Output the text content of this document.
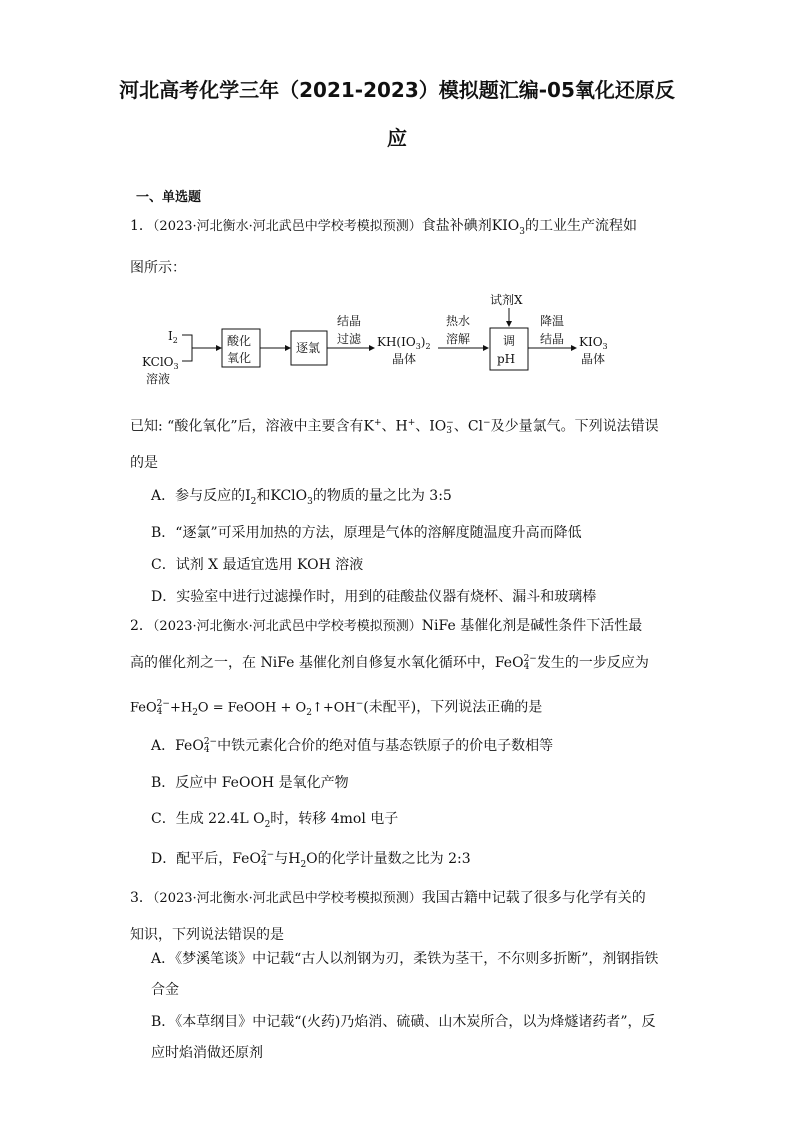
河北高考化学三年（2021-2023）模拟题汇编-05氧化还原反
应
一、单选题
1．（2023·河北衡水·河北武邑中学校考模拟预测）食盐补碘剂$KIO_3$的工业生产流程如
图所示：
$I_2$
KClO$_3$
溶液
酸化
氧化
逐氯
结晶
过滤 $KH(IO_3)_2$
晶体
热水
溶解
试剂X
调
pH
降温
结晶 $KIO_3$
晶体
已知: “酸化氧化”后，溶液中主要含有K+、H+、IO−
3 、Cl−及少量氯气。下列说法错误
的是
A．参与反应的$I_2$和KClO$_3$的物质的量之比为 3:5
B．“逐氯”可采用加热的方法，原理是气体的溶解度随温度升高而降低
C．试剂 X 最适宜选用 KOH 溶液
D．实验室中进行过滤操作时，用到的硅酸盐仪器有烧杯、漏斗和玻璃棒
2．（2023·河北衡水·河北武邑中学校考模拟预测）NiFe 基催化剂是碱性条件下活性最
高的催化剂之一，在 NiFe 基催化剂自修复水氧化循环中，FeO2−
4 发生的一步反应为
FeO2−
$4 +H_2O$ = FeOOH + $O_2↑+OH^-$(未配平)，下列说法正确的是
A．FeO2−
4 中铁元素化合价的绝对值与基态铁原子的价电子数相等
B．反应中 FeOOH 是氧化产物
C．生成 22.4L $O_2$时，转移 4mol 电子
D．配平后，FeO2−
4 与$H_2O$的化学计量数之比为 2:3
3．（2023·河北衡水·河北武邑中学校考模拟预测）我国古籍中记载了很多与化学有关的
知识，下列说法错误的是
A．《梦溪笔谈》中记载“古人以剂钢为刃，柔铁为茎干，不尔则多折断”，剂钢指铁
合金
B．《本草纲目》中记载“(火药)乃焰消、硫磺、山木炭所合，以为烽燧诸药者”，反
应时焰消做还原剂
